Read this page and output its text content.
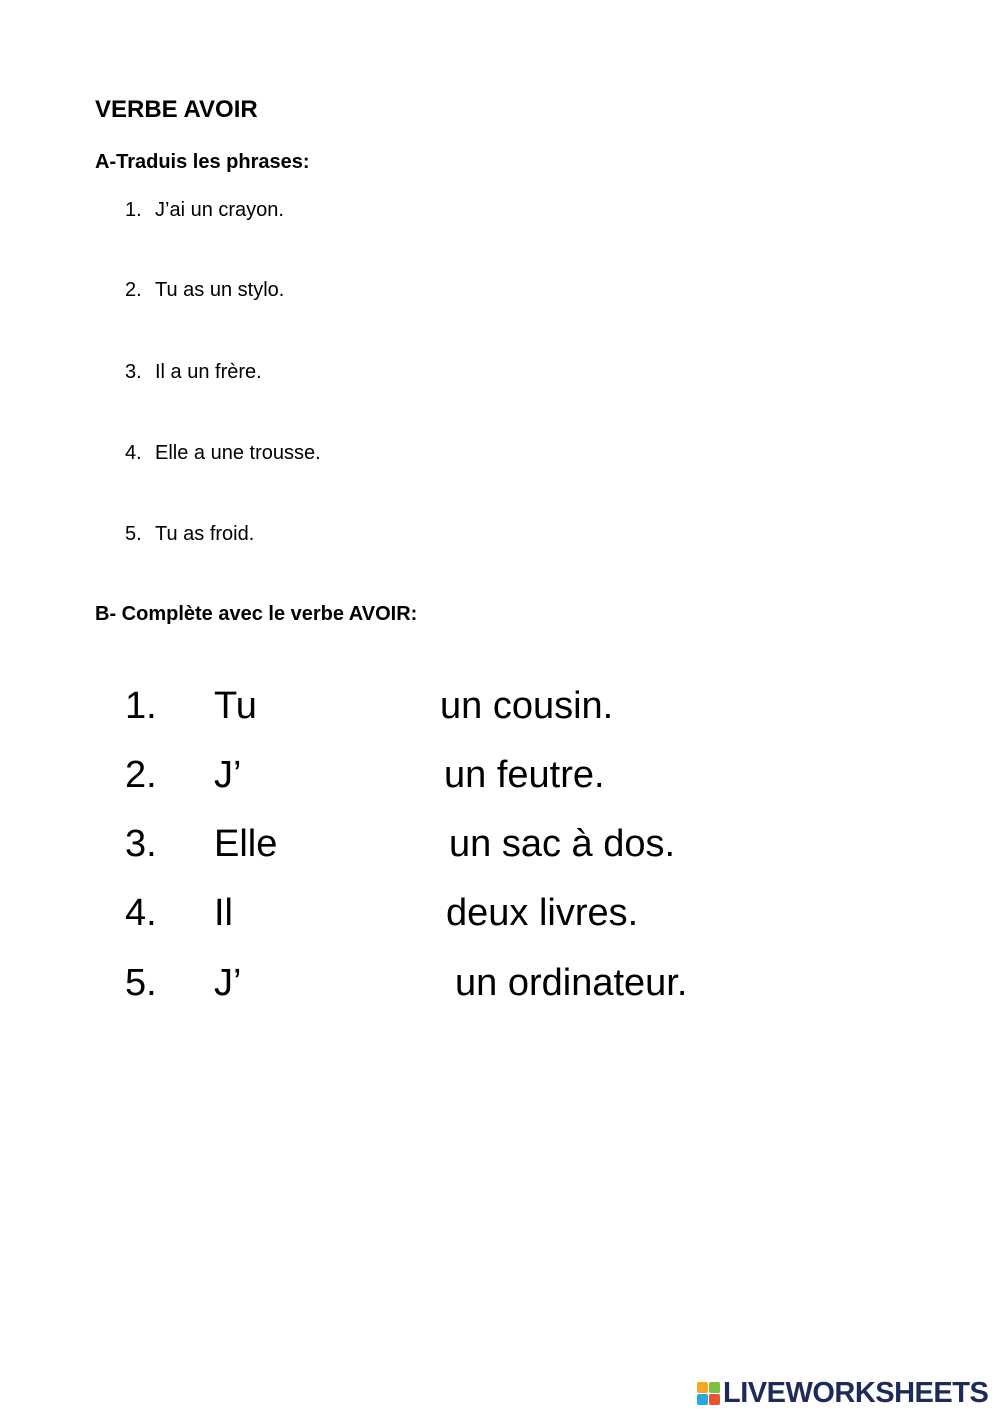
VERBE AVOIR
A-Traduis les phrases:
1. J’ai un crayon.
2. Tu as un stylo.
3. Il a un frère.
4. Elle a une trousse.
5. Tu as froid.
B- Complète avec le verbe AVOIR:
1. Tu	un cousin.
2. J’	un feutre.
3. Elle	un sac à dos.
4. Il	deux livres.
5. J’	un ordinateur.
LIVEWORKSHEETS
